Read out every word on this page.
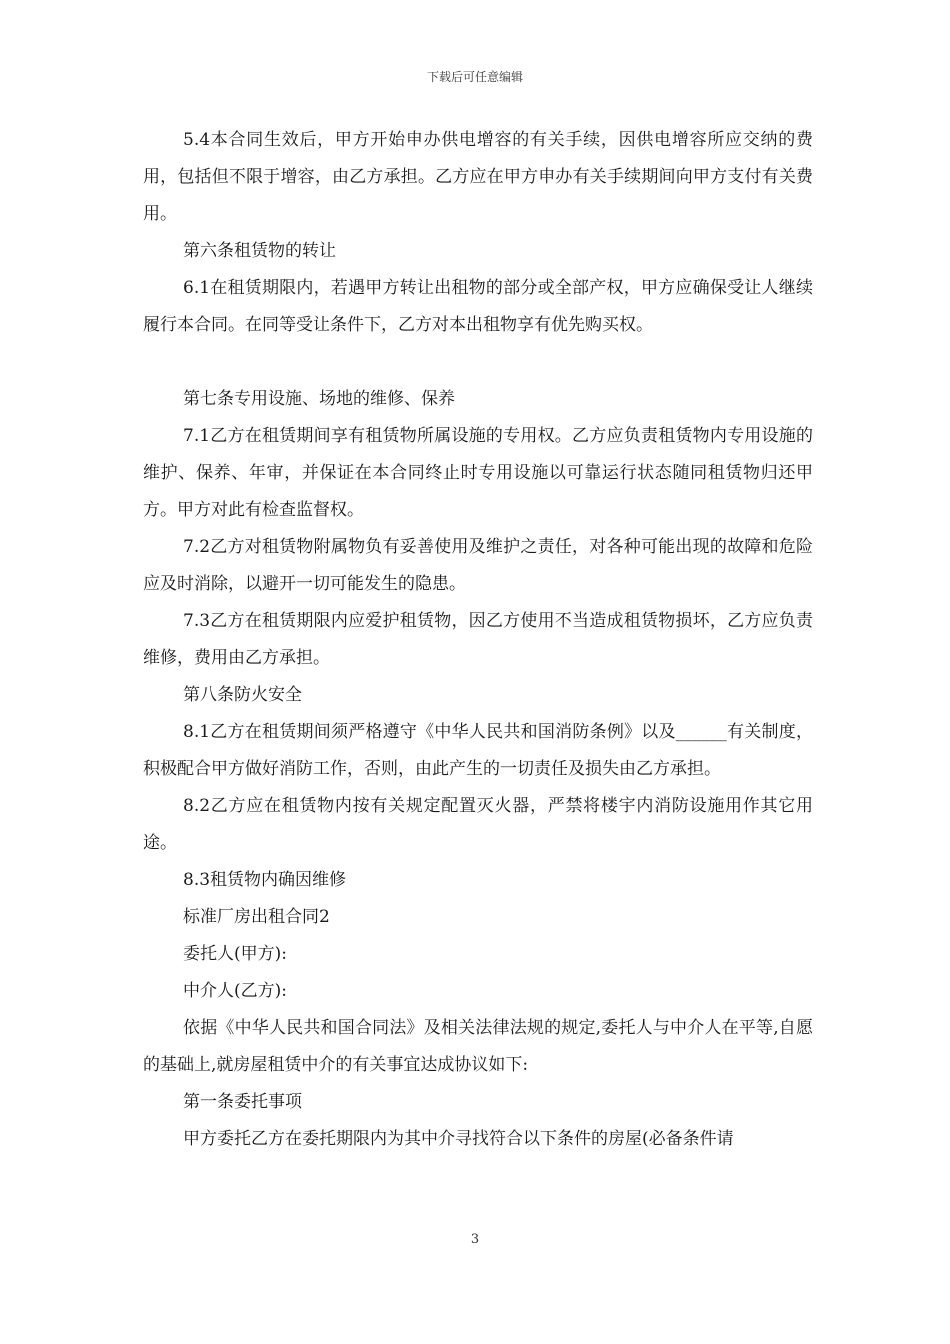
下载后可任意编辑

5.4本合同生效后，甲方开始申办供电增容的有关手续，因供电增容所应交纳的费用，包括但不限于增容，由乙方承担。乙方应在甲方申办有关手续期间向甲方支付有关费用。

第六条租赁物的转让

6.1在租赁期限内，若遇甲方转让出租物的部分或全部产权，甲方应确保受让人继续履行本合同。在同等受让条件下，乙方对本出租物享有优先购买权。

第七条专用设施、场地的维修、保养

7.1乙方在租赁期间享有租赁物所属设施的专用权。乙方应负责租赁物内专用设施的维护、保养、年审，并保证在本合同终止时专用设施以可靠运行状态随同租赁物归还甲方。甲方对此有检查监督权。

7.2乙方对租赁物附属物负有妥善使用及维护之责任，对各种可能出现的故障和危险应及时消除，以避开一切可能发生的隐患。

7.3乙方在租赁期限内应爱护租赁物，因乙方使用不当造成租赁物损坏，乙方应负责维修，费用由乙方承担。

第八条防火安全

8.1乙方在租赁期间须严格遵守《中华人民共和国消防条例》以及______有关制度，积极配合甲方做好消防工作，否则，由此产生的一切责任及损失由乙方承担。

8.2乙方应在租赁物内按有关规定配置灭火器，严禁将楼宇内消防设施用作其它用途。

8.3租赁物内确因维修

标准厂房出租合同2

委托人(甲方):

中介人(乙方):

依据《中华人民共和国合同法》及相关法律法规的规定,委托人与中介人在平等,自愿的基础上,就房屋租赁中介的有关事宜达成协议如下:

第一条委托事项

甲方委托乙方在委托期限内为其中介寻找符合以下条件的房屋(必备条件请

3
